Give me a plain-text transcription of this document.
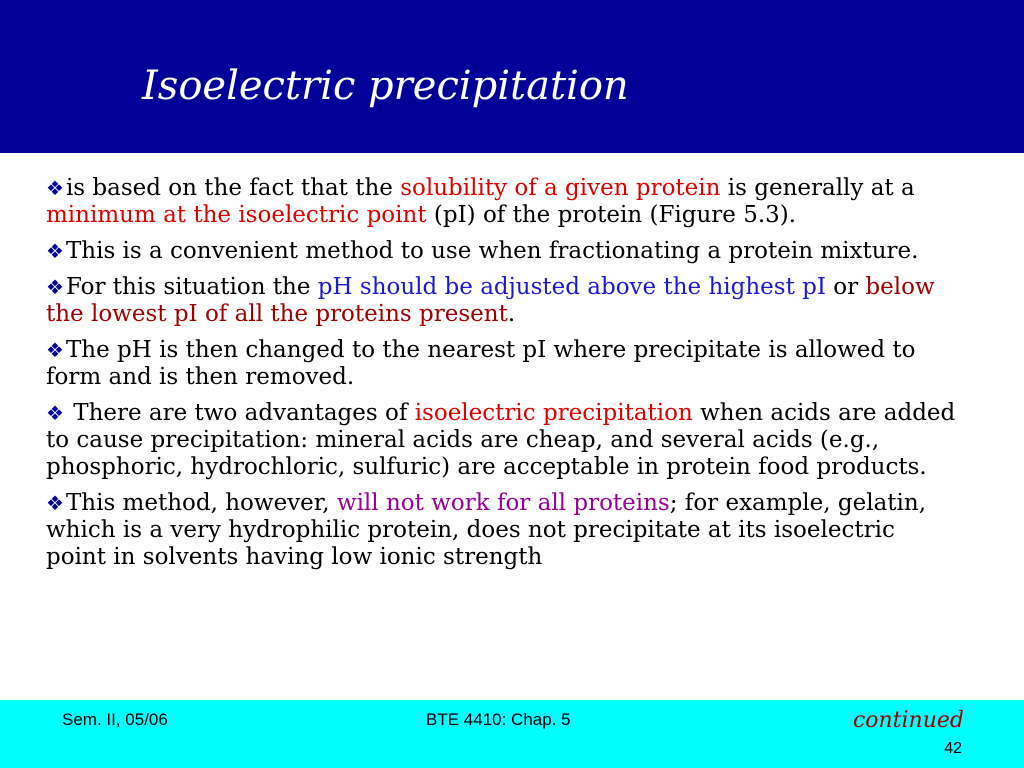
Isoelectric precipitation

❖is based on the fact that the solubility of a given protein is generally at a minimum at the isoelectric point (pI) of the protein (Figure 5.3).

❖This is a convenient method to use when fractionating a protein mixture.

❖For this situation the pH should be adjusted above the highest pI or below the lowest pI of all the proteins present.

❖The pH is then changed to the nearest pI where precipitate is allowed to form and is then removed.

❖ There are two advantages of isoelectric precipitation when acids are added to cause precipitation: mineral acids are cheap, and several acids (e.g., phosphoric, hydrochloric, sulfuric) are acceptable in protein food products.

❖This method, however, will not work for all proteins; for example, gelatin, which is a very hydrophilic protein, does not precipitate at its isoelectric point in solvents having low ionic strength

Sem. II, 05/06	BTE 4410: Chap. 5	continued
42
